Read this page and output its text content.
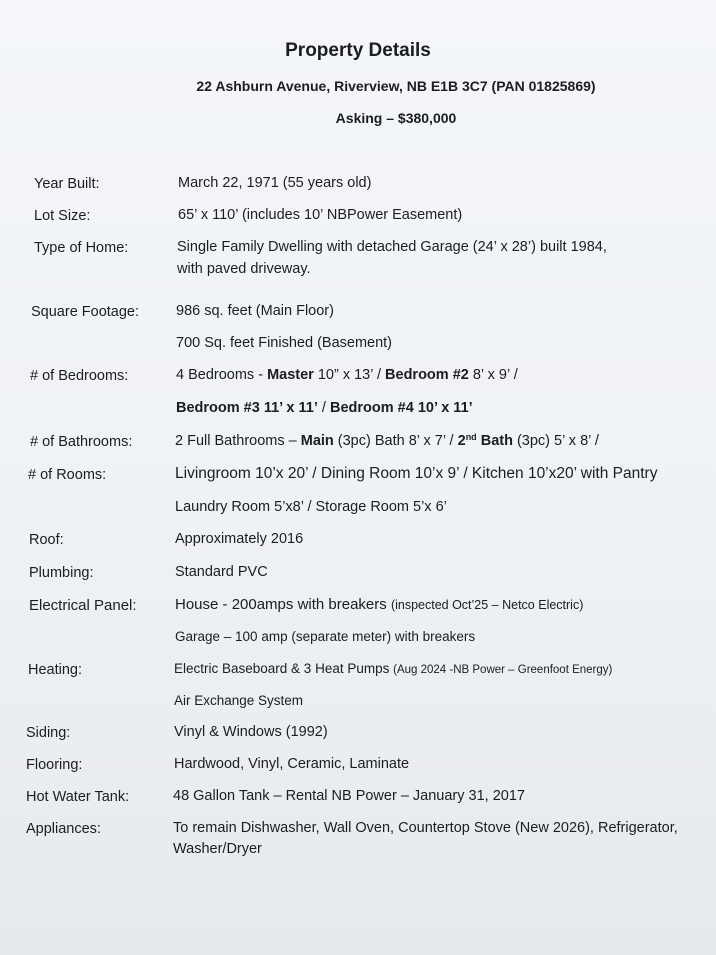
Property Details
22 Ashburn Avenue, Riverview, NB E1B 3C7 (PAN 01825869)
Asking – $380,000
Year Built:	March 22, 1971 (55 years old)
Lot Size:	65’ x 110’ (includes 10’ NBPower Easement)
Type of Home:	Single Family Dwelling with detached Garage (24’ x 28’) built 1984,
with paved driveway.
Square Footage:	986 sq. feet (Main Floor)
700 Sq. feet Finished (Basement)
# of Bedrooms:	4 Bedrooms - Master 10” x 13’ / Bedroom #2 8’ x 9’ /
Bedroom #3 11’ x 11’ / Bedroom #4 10’ x 11’
# of Bathrooms:	2 Full Bathrooms – Main (3pc) Bath 8’ x 7’ / 2nd Bath (3pc) 5’ x 8’ /
# of Rooms:	Livingroom 10’x 20’ / Dining Room 10’x 9’ / Kitchen 10’x20’ with Pantry
Laundry Room 5’x8’ / Storage Room 5’x 6’
Roof:	Approximately 2016
Plumbing:	Standard PVC
Electrical Panel:	House - 200amps with breakers (inspected Oct’25 – Netco Electric)
Garage – 100 amp (separate meter) with breakers
Heating:	Electric Baseboard & 3 Heat Pumps (Aug 2024 -NB Power – Greenfoot Energy)
Air Exchange System
Siding:	Vinyl & Windows (1992)
Flooring:	Hardwood, Vinyl, Ceramic, Laminate
Hot Water Tank:	48 Gallon Tank – Rental NB Power – January 31, 2017
Appliances:	To remain Dishwasher, Wall Oven, Countertop Stove (New 2026), Refrigerator,
Washer/Dryer
